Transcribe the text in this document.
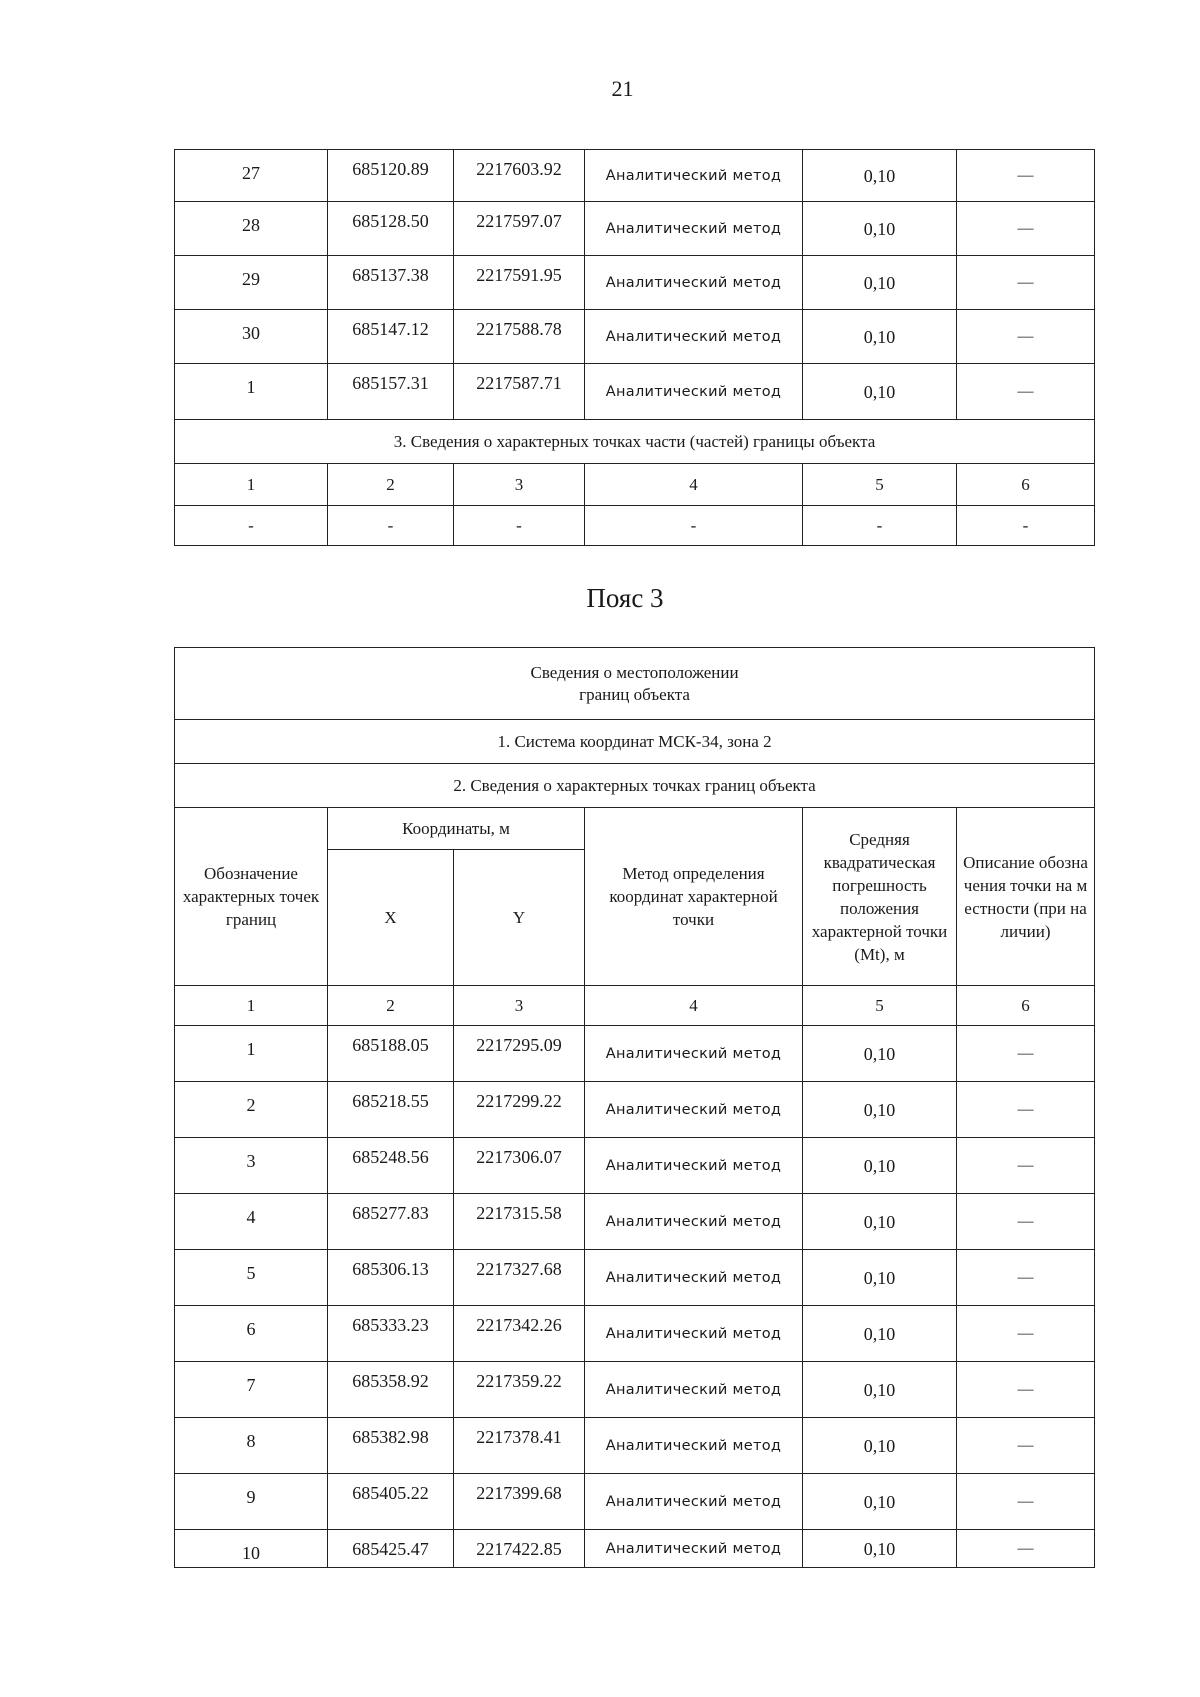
21
27	685120.89	2217603.92	Аналитический метод	0,10	—
28	685128.50	2217597.07	Аналитический метод	0,10	—
29	685137.38	2217591.95	Аналитический метод	0,10	—
30	685147.12	2217588.78	Аналитический метод	0,10	—
1	685157.31	2217587.71	Аналитический метод	0,10	—
3. Сведения о характерных точках части (частей) границы объекта					
1	2	3	4	5	6
-	-	-	-	-	-
Пояс 3
Сведения о местоположении
границ объекта					

1. Система координат МСК-34, зона 2					
2. Сведения о характерных точках границ объекта					
Обозначение характерных точек границ	Координаты, м		Метод определения координат характерной точки	Средняя квадратическая погрешность положения характерной точки (Mt), м	Описание обозначения точки на местности (при наличии)
	X	Y			
1	2	3	4	5	6
1	685188.05	2217295.09	Аналитический метод	0,10	—
2	685218.55	2217299.22	Аналитический метод	0,10	—
3	685248.56	2217306.07	Аналитический метод	0,10	—
4	685277.83	2217315.58	Аналитический метод	0,10	—
5	685306.13	2217327.68	Аналитический метод	0,10	—
6	685333.23	2217342.26	Аналитический метод	0,10	—
7	685358.92	2217359.22	Аналитический метод	0,10	—
8	685382.98	2217378.41	Аналитический метод	0,10	—
9	685405.22	2217399.68	Аналитический метод	0,10	—
10	685425.47	2217422.85	Аналитический метод	0,10	—
